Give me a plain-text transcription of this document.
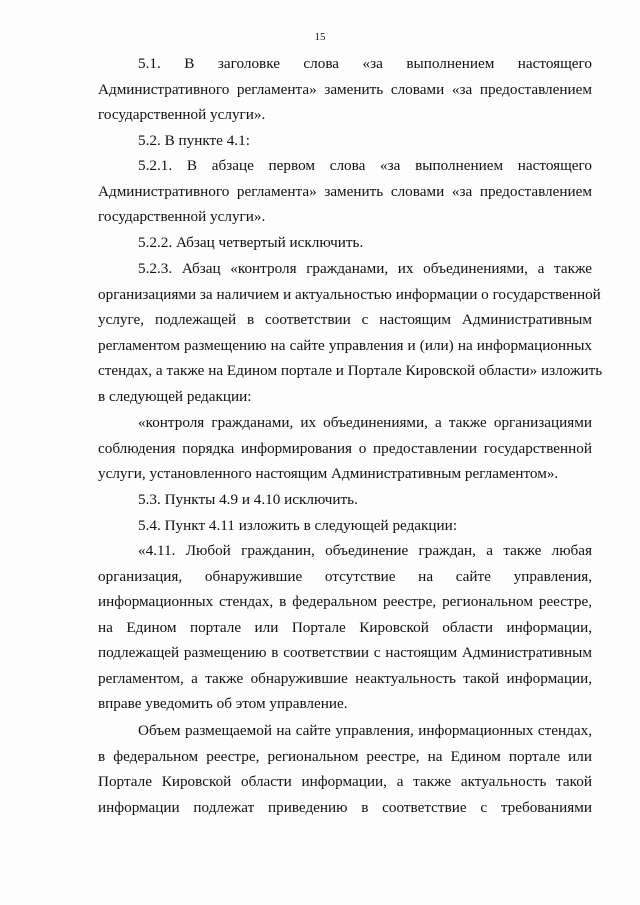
15
5.1. В заголовке слова «за выполнением настоящего
Административного регламента» заменить словами «за предоставлением
государственной услуги».
5.2. В пункте 4.1:
5.2.1. В абзаце первом слова «за выполнением настоящего
Административного регламента» заменить словами «за предоставлением
государственной услуги».
5.2.2. Абзац четвертый исключить.
5.2.3. Абзац «контроля гражданами, их объединениями, а также
организациями за наличием и актуальностью информации о государственной
услуге, подлежащей в соответствии с настоящим Административным
регламентом размещению на сайте управления и (или) на информационных
стендах, а также на Едином портале и Портале Кировской области» изложить
в следующей редакции:
«контроля гражданами, их объединениями, а также организациями
соблюдения порядка информирования о предоставлении государственной
услуги, установленного настоящим Административным регламентом».
5.3. Пункты 4.9 и 4.10 исключить.
5.4. Пункт 4.11 изложить в следующей редакции:
«4.11. Любой гражданин, объединение граждан, а также любая
организация, обнаружившие отсутствие на сайте управления,
информационных стендах, в федеральном реестре, региональном реестре,
на Едином портале или Портале Кировской области информации,
подлежащей размещению в соответствии с настоящим Административным
регламентом, а также обнаружившие неактуальность такой информации,
вправе уведомить об этом управление.
Объем размещаемой на сайте управления, информационных стендах,
в федеральном реестре, региональном реестре, на Едином портале или
Портале Кировской области информации, а также актуальность такой
информации подлежат приведению в соответствие с требованиями
